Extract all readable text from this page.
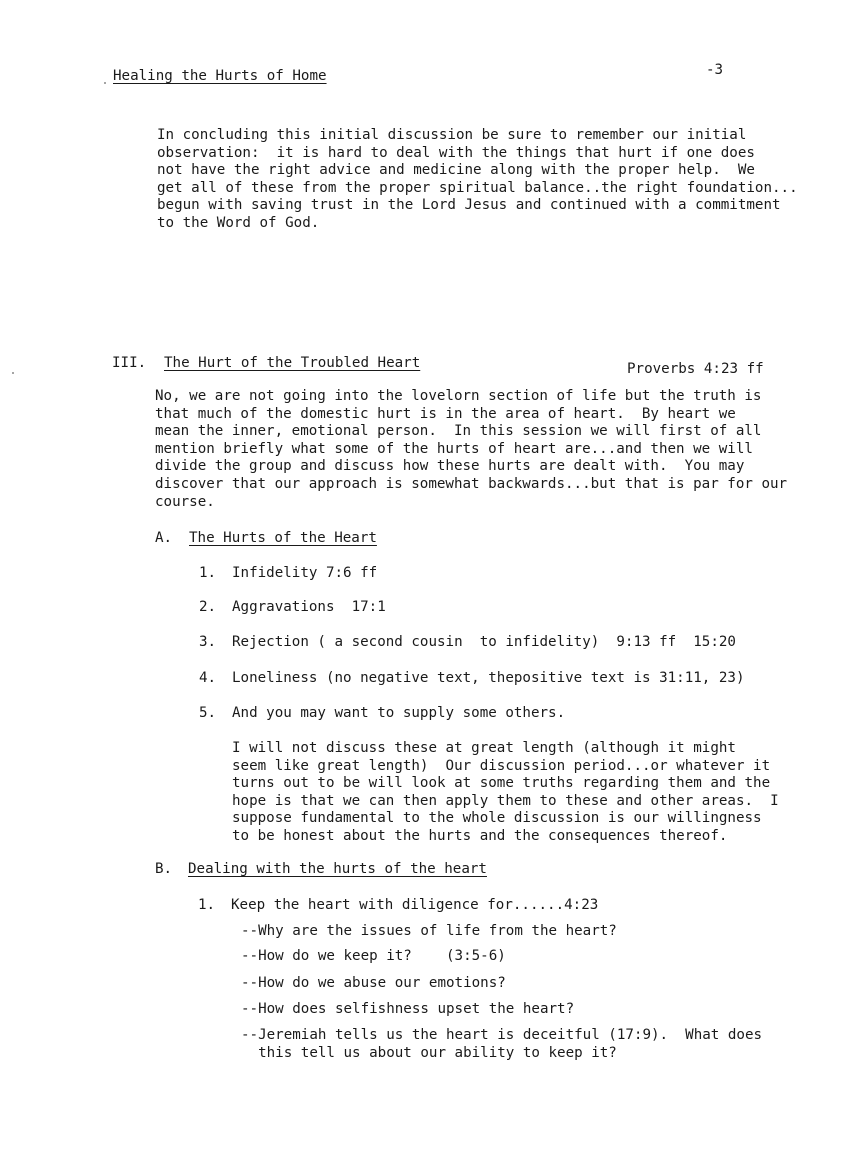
Healing the Hurts of Home	-3
In concluding this initial discussion be sure to remember our initial
observation:  it is hard to deal with the things that hurt if one does
not have the right advice and medicine along with the proper help.  We
get all of these from the proper spiritual balance..the right foundation...
begun with saving trust in the Lord Jesus and continued with a commitment
to the Word of God.
III. The Hurt of the Troubled Heart	Proverbs 4:23 ff
No, we are not going into the lovelorn section of life but the truth is
that much of the domestic hurt is in the area of heart.  By heart we
mean the inner, emotional person.  In this session we will first of all
mention briefly what some of the hurts of heart are...and then we will
divide the group and discuss how these hurts are dealt with.  You may
discover that our approach is somewhat backwards...but that is par for our
course.
A. The Hurts of the Heart
1. Infidelity 7:6 ff
2. Aggravations  17:1
3. Rejection ( a second cousin  to infidelity)  9:13 ff  15:20
4. Loneliness (no negative text, thepositive text is 31:11, 23)
5. And you may want to supply some others.
I will not discuss these at great length (although it might
seem like great length)  Our discussion period...or whatever it
turns out to be will look at some truths regarding them and the
hope is that we can then apply them to these and other areas.  I
suppose fundamental to the whole discussion is our willingness
to be honest about the hurts and the consequences thereof.
B. Dealing with the hurts of the heart
1. Keep the heart with diligence for......4:23
--Why are the issues of life from the heart?
--How do we keep it?    (3:5-6)
--How do we abuse our emotions?
--How does selfishness upset the heart?
--Jeremiah tells us the heart is deceitful (17:9).  What does
this tell us about our ability to keep it?
